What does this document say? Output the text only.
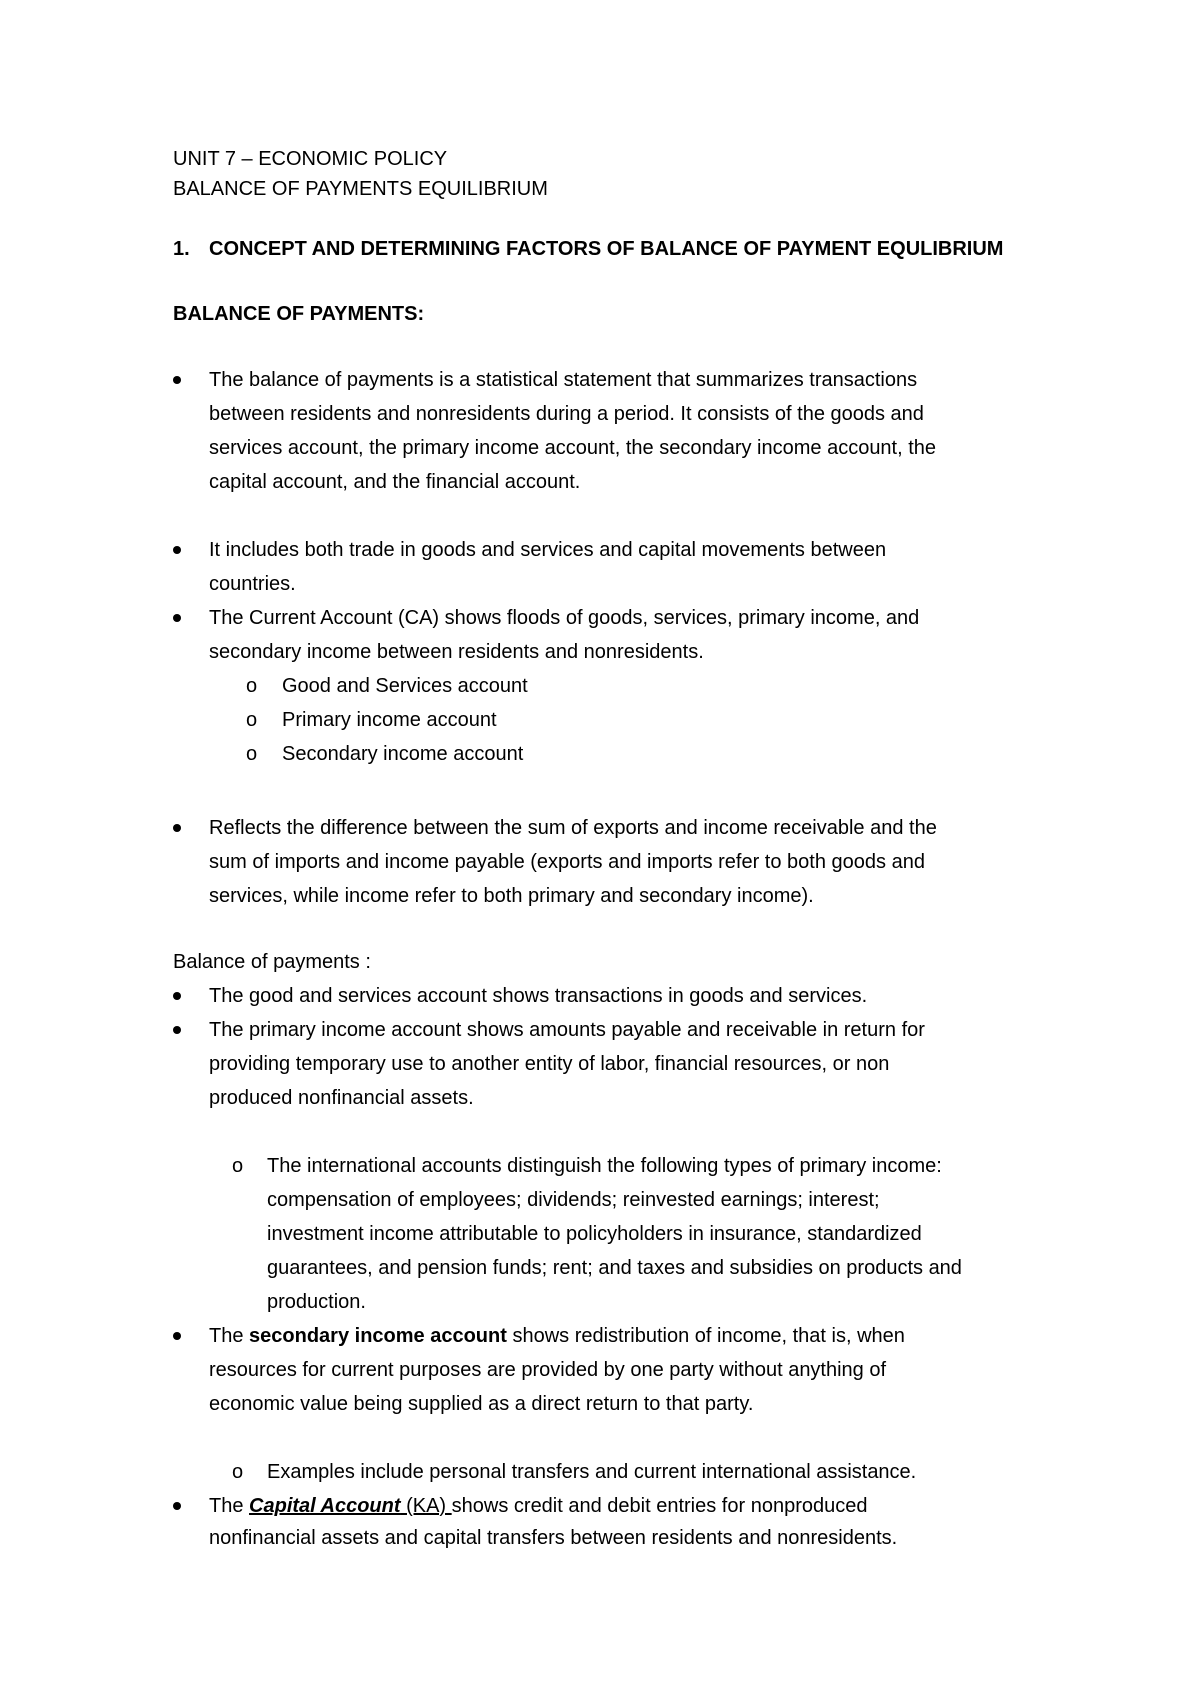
UNIT 7 – ECONOMIC POLICY
BALANCE OF PAYMENTS EQUILIBRIUM
1. CONCEPT AND DETERMINING FACTORS OF BALANCE OF PAYMENT EQULIBRIUM
BALANCE OF PAYMENTS:
The balance of payments is a statistical statement that summarizes transactions
between residents and nonresidents during a period. It consists of the goods and
services account, the primary income account, the secondary income account, the
capital account, and the financial account.
It includes both trade in goods and services and capital movements between
countries.
The Current Account (CA) shows floods of goods, services, primary income, and
secondary income between residents and nonresidents.
o Good and Services account
o Primary income account
o Secondary income account
Reflects the difference between the sum of exports and income receivable and the
sum of imports and income payable (exports and imports refer to both goods and
services, while income refer to both primary and secondary income).
Balance of payments :
The good and services account shows transactions in goods and services.
The primary income account shows amounts payable and receivable in return for
providing temporary use to another entity of labor, financial resources, or non
produced nonfinancial assets.
o The international accounts distinguish the following types of primary income:
compensation of employees; dividends; reinvested earnings; interest;
investment income attributable to policyholders in insurance, standardized
guarantees, and pension funds; rent; and taxes and subsidies on products and
production.
The secondary income account shows redistribution of income, that is, when
resources for current purposes are provided by one party without anything of
economic value being supplied as a direct return to that party.
o Examples include personal transfers and current international assistance.
The Capital Account (KA) shows credit and debit entries for nonproduced
nonfinancial assets and capital transfers between residents and nonresidents.
